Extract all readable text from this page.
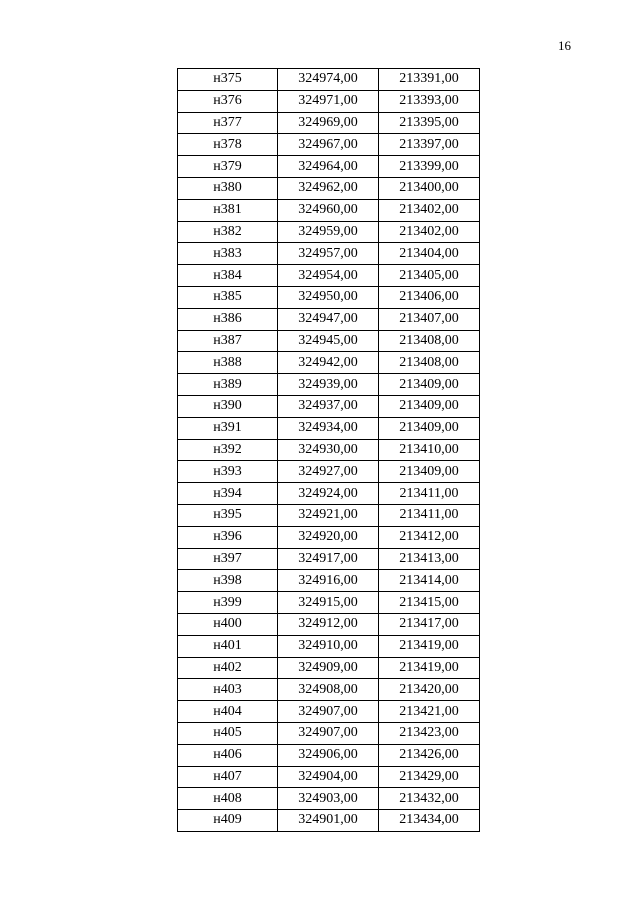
16
н375	324974,00	213391,00
н376	324971,00	213393,00
н377	324969,00	213395,00
н378	324967,00	213397,00
н379	324964,00	213399,00
н380	324962,00	213400,00
н381	324960,00	213402,00
н382	324959,00	213402,00
н383	324957,00	213404,00
н384	324954,00	213405,00
н385	324950,00	213406,00
н386	324947,00	213407,00
н387	324945,00	213408,00
н388	324942,00	213408,00
н389	324939,00	213409,00
н390	324937,00	213409,00
н391	324934,00	213409,00
н392	324930,00	213410,00
н393	324927,00	213409,00
н394	324924,00	213411,00
н395	324921,00	213411,00
н396	324920,00	213412,00
н397	324917,00	213413,00
н398	324916,00	213414,00
н399	324915,00	213415,00
н400	324912,00	213417,00
н401	324910,00	213419,00
н402	324909,00	213419,00
н403	324908,00	213420,00
н404	324907,00	213421,00
н405	324907,00	213423,00
н406	324906,00	213426,00
н407	324904,00	213429,00
н408	324903,00	213432,00
н409	324901,00	213434,00
